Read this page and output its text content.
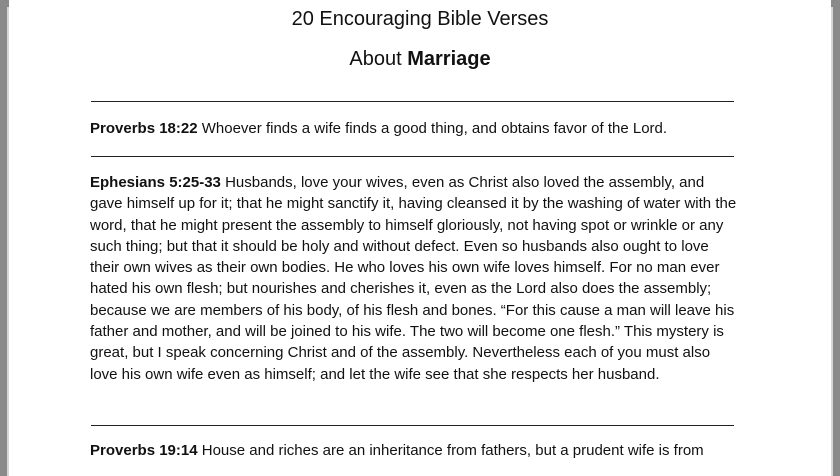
20 Encouraging Bible Verses
About Marriage
Proverbs 18:22 Whoever finds a wife finds a good thing, and obtains favor of the Lord.
Ephesians 5:25-33 Husbands, love your wives, even as Christ also loved the assembly, and gave himself up for it; that he might sanctify it, having cleansed it by the washing of water with the word, that he might present the assembly to himself gloriously, not having spot or wrinkle or any such thing; but that it should be holy and without defect. Even so husbands also ought to love their own wives as their own bodies. He who loves his own wife loves himself. For no man ever hated his own flesh; but nourishes and cherishes it, even as the Lord also does the assembly; because we are members of his body, of his flesh and bones. “For this cause a man will leave his father and mother, and will be joined to his wife. The two will become one flesh.” This mystery is great, but I speak concerning Christ and of the assembly. Nevertheless each of you must also love his own wife even as himself; and let the wife see that she respects her husband.
Proverbs 19:14 House and riches are an inheritance from fathers, but a prudent wife is from
